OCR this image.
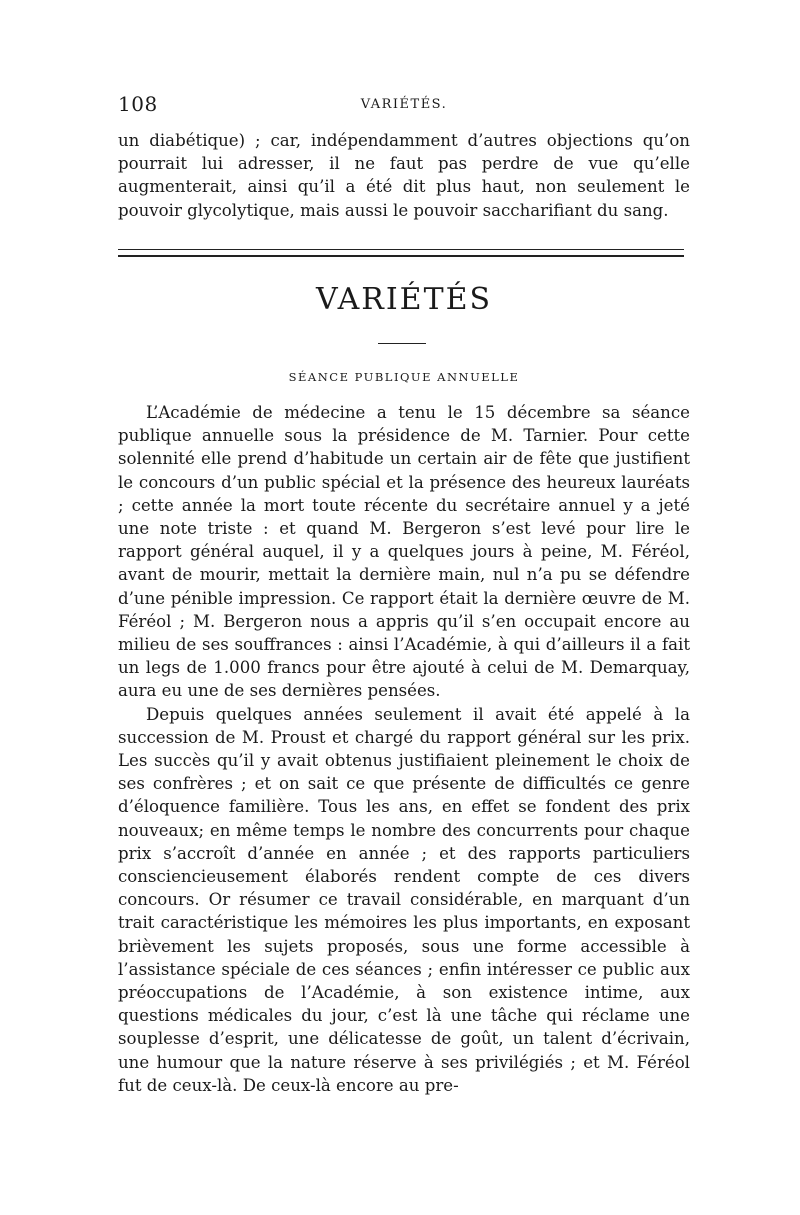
108	VARIÉTÉS.

un diabétique) ; car, indépendamment d’autres objections qu’on pourrait lui adresser, il ne faut pas perdre de vue qu’elle augmenterait, ainsi qu’il a été dit plus haut, non seulement le pouvoir glycolytique, mais aussi le pouvoir saccharifiant du sang.

VARIÉTÉS
SÉANCE PUBLIQUE ANNUELLE

L’Académie de médecine a tenu le 15 décembre sa séance publique annuelle sous la présidence de M. Tarnier. Pour cette solennité elle prend d’habitude un certain air de fête que justifient le concours d’un public spécial et la présence des heureux lauréats ; cette année la mort toute récente du secrétaire annuel y a jeté une note triste : et quand M. Bergeron s’est levé pour lire le rapport général auquel, il y a quelques jours à peine, M. Féréol, avant de mourir, mettait la dernière main, nul n’a pu se défendre d’une pénible impression. Ce rapport était la dernière œuvre de M. Féréol ; M. Bergeron nous a appris qu’il s’en occupait encore au milieu de ses souffrances : ainsi l’Académie, à qui d’ailleurs il a fait un legs de 1.000 francs pour être ajouté à celui de M. Demarquay, aura eu une de ses dernières pensées.

Depuis quelques années seulement il avait été appelé à la succession de M. Proust et chargé du rapport général sur les prix. Les succès qu’il y avait obtenus justifiaient pleinement le choix de ses confrères ; et on sait ce que présente de difficultés ce genre d’éloquence familière. Tous les ans, en effet se fondent des prix nouveaux; en même temps le nombre des concurrents pour chaque prix s’accroît d’année en année ; et des rapports particuliers consciencieusement élaborés rendent compte de ces divers concours. Or résumer ce travail considérable, en marquant d’un trait caractéristique les mémoires les plus importants, en exposant brièvement les sujets proposés, sous une forme accessible à l’assistance spéciale de ces séances ; enfin intéresser ce public aux préoccupations de l’Académie, à son existence intime, aux questions médicales du jour, c’est là une tâche qui réclame une souplesse d’esprit, une délicatesse de goût, un talent d’écrivain, une humour que la nature réserve à ses privilégiés ; et M. Féréol fut de ceux-là. De ceux-là encore au pre-
